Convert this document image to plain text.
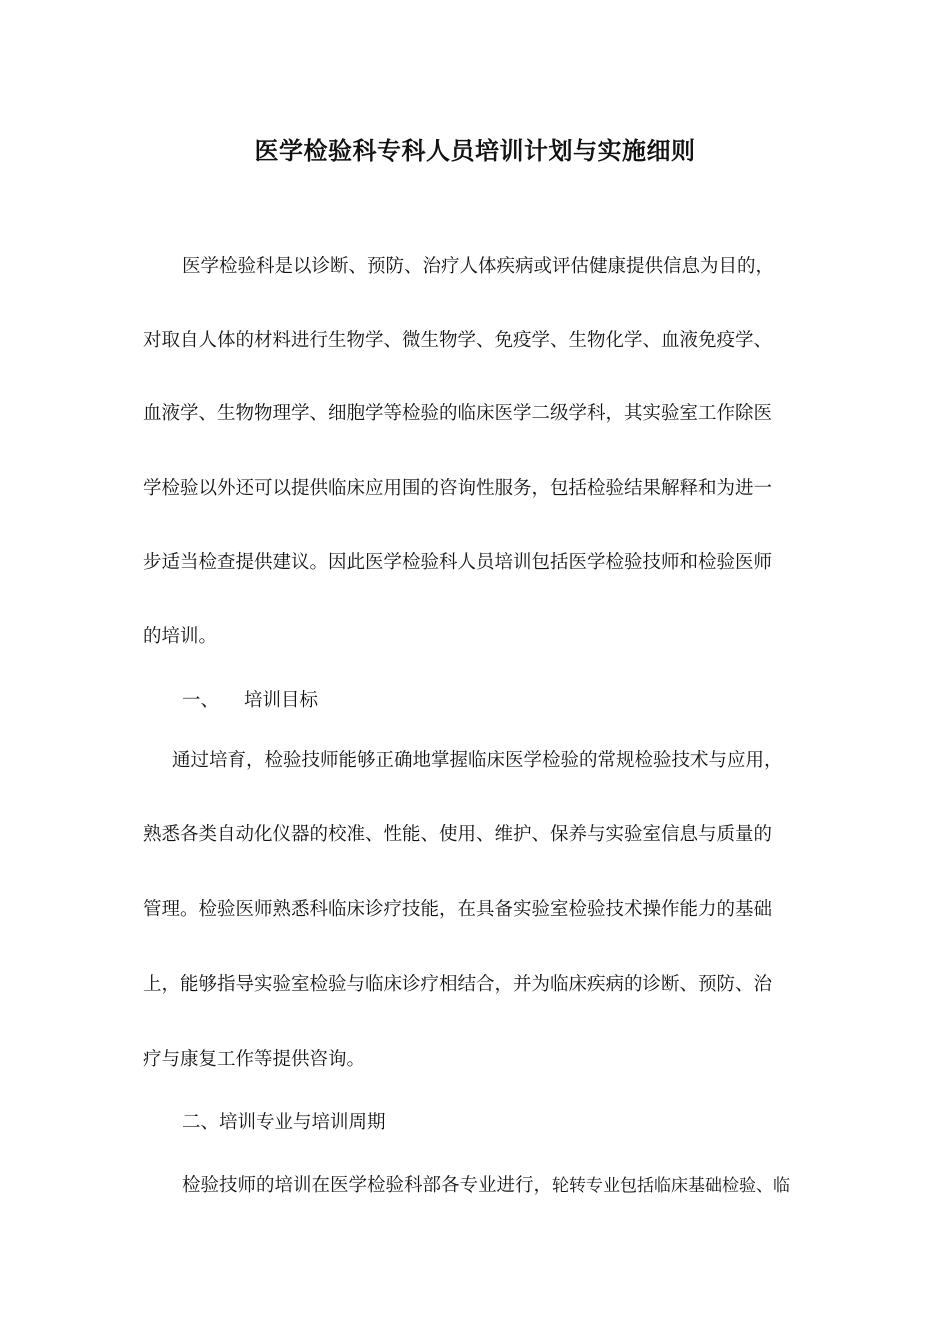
医学检验科专科人员培训计划与实施细则
医学检验科是以诊断、预防、治疗人体疾病或评估健康提供信息为目的，
对取自人体的材料进行生物学、微生物学、免疫学、生物化学、血液免疫学、
血液学、生物物理学、细胞学等检验的临床医学二级学科，其实验室工作除医
学检验以外还可以提供临床应用围的咨询性服务，包括检验结果解释和为进一
步适当检查提供建议。因此医学检验科人员培训包括医学检验技师和检验医师
的培训。
一、 培训目标
通过培育，检验技师能够正确地掌握临床医学检验的常规检验技术与应用，
熟悉各类自动化仪器的校准、性能、使用、维护、保养与实验室信息与质量的
管理。检验医师熟悉科临床诊疗技能，在具备实验室检验技术操作能力的基础
上，能够指导实验室检验与临床诊疗相结合，并为临床疾病的诊断、预防、治
疗与康复工作等提供咨询。
二、培训专业与培训周期
检验技师的培训在医学检验科部各专业进行，轮转专业包括临床基础检验、临
